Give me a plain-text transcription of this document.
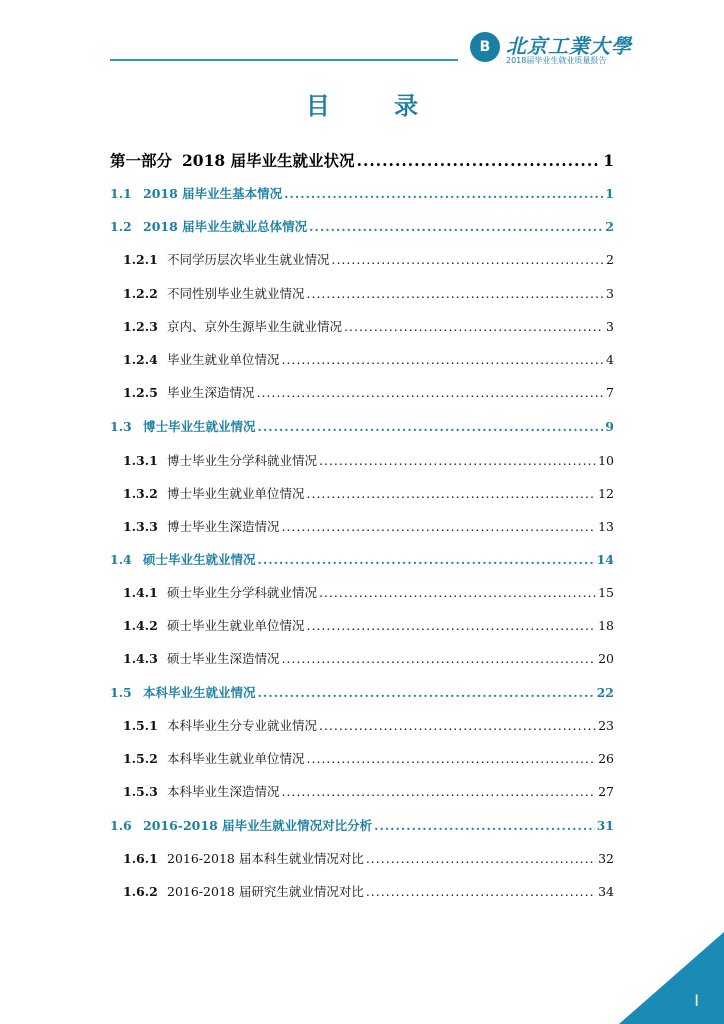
B 北京工業大學
2018届毕业生就业质量报告
目 录
第一部分 2018 届毕业生就业状况 .....	1
1.1 2018 届毕业生基本情况 .....	1
1.2 2018 届毕业生就业总体情况 .....	2
1.2.1 不同学历层次毕业生就业情况 .....	2
1.2.2 不同性别毕业生就业情况 .....	3
1.2.3 京内、京外生源毕业生就业情况 .....	3
1.2.4 毕业生就业单位情况 .....	4
1.2.5 毕业生深造情况 .....	7
1.3 博士毕业生就业情况 .....	9
1.3.1 博士毕业生分学科就业情况 .....	10
1.3.2 博士毕业生就业单位情况 .....	12
1.3.3 博士毕业生深造情况 .....	13
1.4 硕士毕业生就业情况 .....	14
1.4.1 硕士毕业生分学科就业情况 .....	15
1.4.2 硕士毕业生就业单位情况 .....	18
1.4.3 硕士毕业生深造情况 .....	20
1.5 本科毕业生就业情况 .....	22
1.5.1 本科毕业生分专业就业情况 .....	23
1.5.2 本科毕业生就业单位情况 .....	26
1.5.3 本科毕业生深造情况 .....	27
1.6 2016-2018 届毕业生就业情况对比分析 .....	31
1.6.1 2016-2018 届本科生就业情况对比 .....	32
1.6.2 2016-2018 届研究生就业情况对比 .....	34
I
